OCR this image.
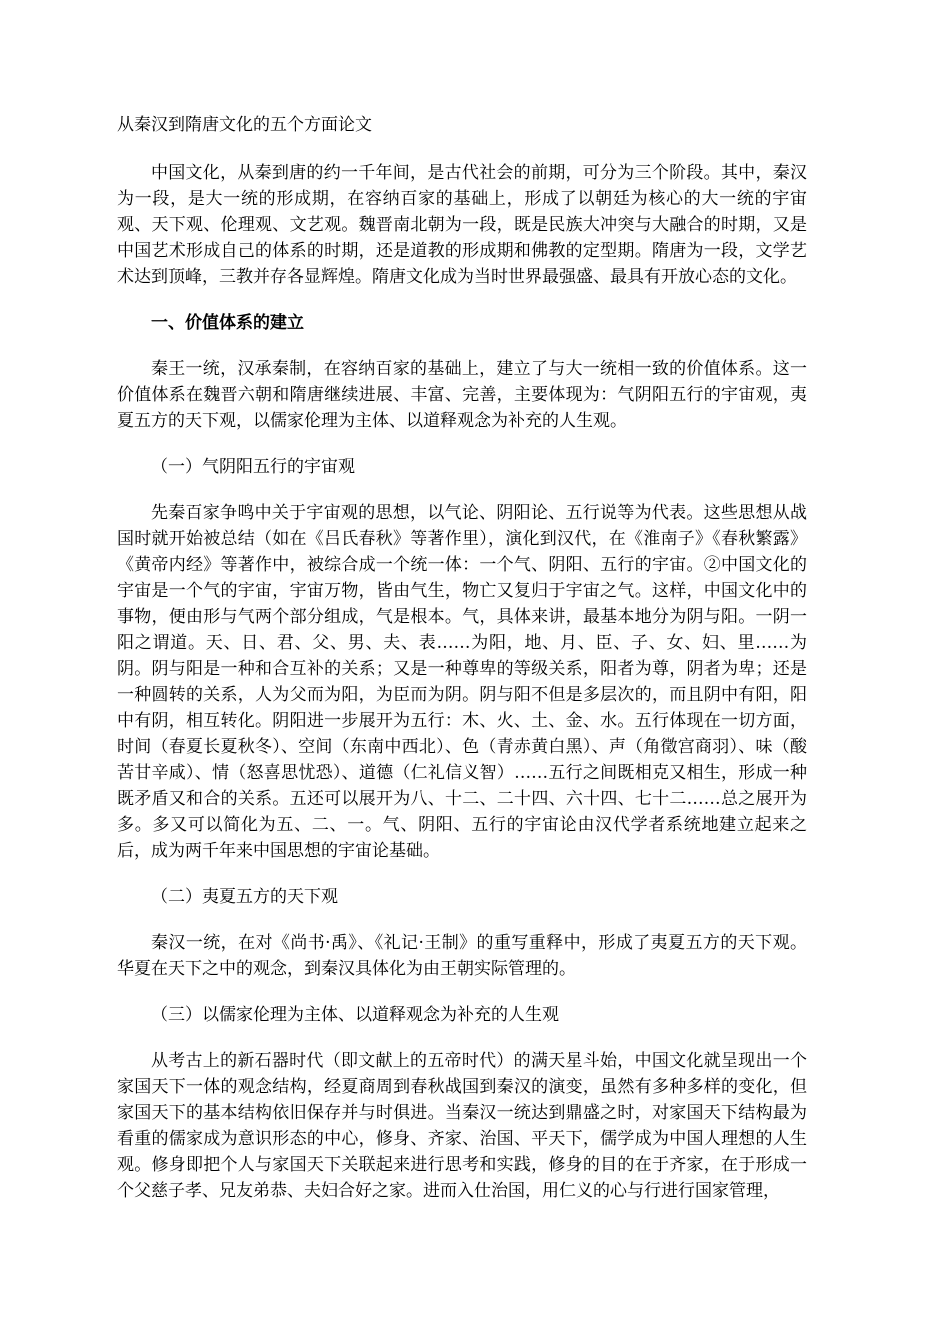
从秦汉到隋唐文化的五个方面论文

中国文化，从秦到唐的约一千年间，是古代社会的前期，可分为三个阶段。其中，秦汉为一段，是大一统的形成期，在容纳百家的基础上，形成了以朝廷为核心的大一统的宇宙观、天下观、伦理观、文艺观。魏晋南北朝为一段，既是民族大冲突与大融合的时期，又是中国艺术形成自己的体系的时期，还是道教的形成期和佛教的定型期。隋唐为一段，文学艺术达到顶峰，三教并存各显辉煌。隋唐文化成为当时世界最强盛、最具有开放心态的文化。

一、价值体系的建立

秦王一统，汉承秦制，在容纳百家的基础上，建立了与大一统相一致的价值体系。这一价值体系在魏晋六朝和隋唐继续进展、丰富、完善，主要体现为：气阴阳五行的宇宙观，夷夏五方的天下观，以儒家伦理为主体、以道释观念为补充的人生观。

（一）气阴阳五行的宇宙观

先秦百家争鸣中关于宇宙观的思想，以气论、阴阳论、五行说等为代表。这些思想从战国时就开始被总结（如在《吕氏春秋》等著作里），演化到汉代，在《淮南子》《春秋繁露》《黄帝内经》等著作中，被综合成一个统一体：一个气、阴阳、五行的宇宙。②中国文化的宇宙是一个气的宇宙，宇宙万物，皆由气生，物亡又复归于宇宙之气。这样，中国文化中的事物，便由形与气两个部分组成，气是根本。气，具体来讲，最基本地分为阴与阳。一阴一阳之谓道。天、日、君、父、男、夫、表……为阳，地、月、臣、子、女、妇、里……为阴。阴与阳是一种和合互补的关系；又是一种尊卑的等级关系，阳者为尊，阴者为卑；还是一种圆转的关系，人为父而为阳，为臣而为阴。阴与阳不但是多层次的，而且阴中有阳，阳中有阴，相互转化。阴阳进一步展开为五行：木、火、土、金、水。五行体现在一切方面，时间（春夏长夏秋冬）、空间（东南中西北）、色（青赤黄白黑）、声（角徵宫商羽）、味（酸苦甘辛咸）、情（怒喜思忧恐）、道德（仁礼信义智）……五行之间既相克又相生，形成一种既矛盾又和合的关系。五还可以展开为八、十二、二十四、六十四、七十二……总之展开为多。多又可以简化为五、二、一。气、阴阳、五行的宇宙论由汉代学者系统地建立起来之后，成为两千年来中国思想的宇宙论基础。

（二）夷夏五方的天下观

秦汉一统，在对《尚书·禹》、《礼记·王制》的重写重释中，形成了夷夏五方的天下观。华夏在天下之中的观念，到秦汉具体化为由王朝实际管理的。

（三）以儒家伦理为主体、以道释观念为补充的人生观

从考古上的新石器时代（即文献上的五帝时代）的满天星斗始，中国文化就呈现出一个家国天下一体的观念结构，经夏商周到春秋战国到秦汉的演变，虽然有多种多样的变化，但家国天下的基本结构依旧保存并与时俱进。当秦汉一统达到鼎盛之时，对家国天下结构最为看重的儒家成为意识形态的中心，修身、齐家、治国、平天下，儒学成为中国人理想的人生观。修身即把个人与家国天下关联起来进行思考和实践，修身的目的在于齐家，在于形成一个父慈子孝、兄友弟恭、夫妇合好之家。进而入仕治国，用仁义的心与行进行国家管理，
